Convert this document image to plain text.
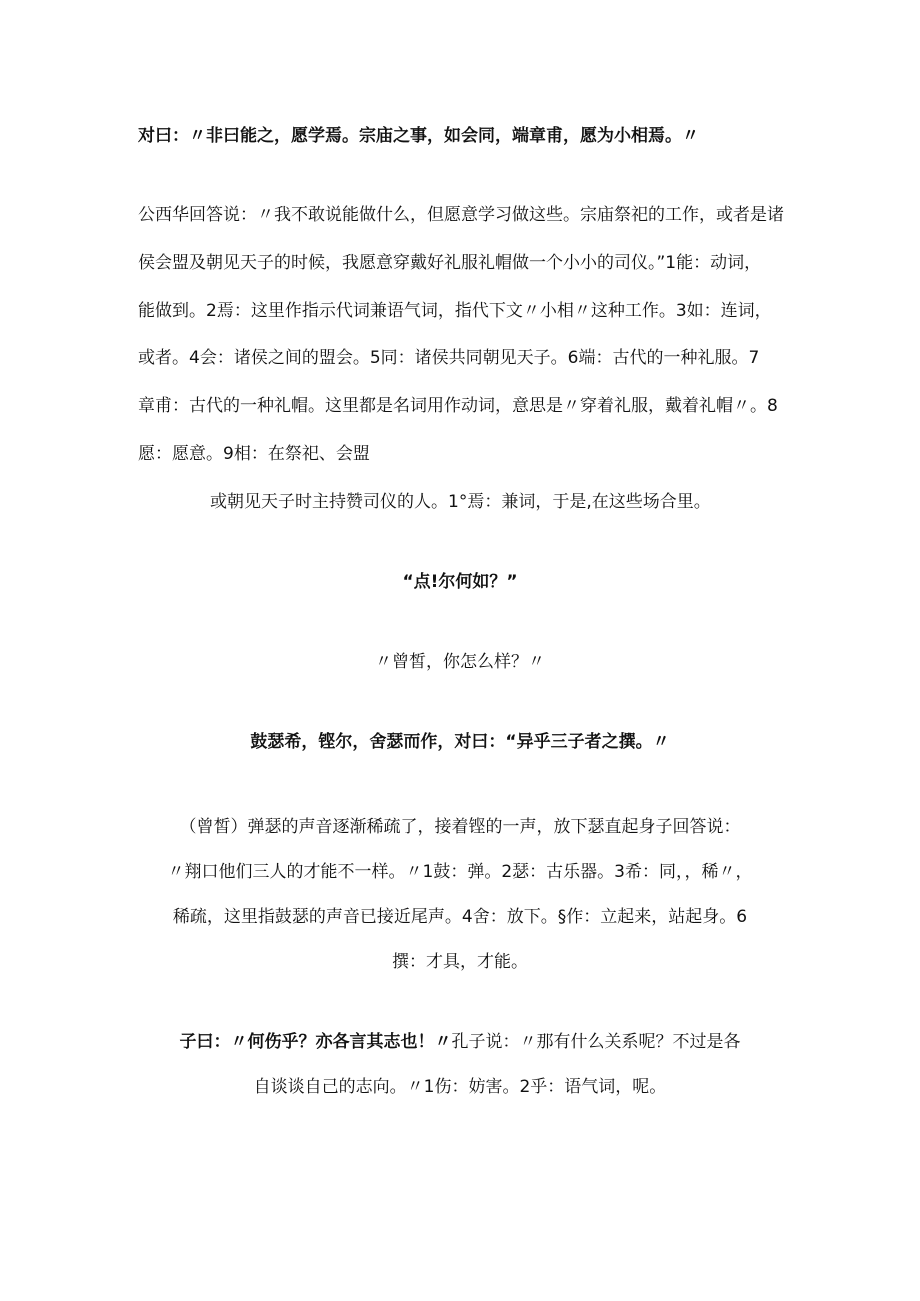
对曰：〃非曰能之，愿学焉。宗庙之事，如会同，端章甫，愿为小相焉。〃
公西华回答说：〃我不敢说能做什么，但愿意学习做这些。宗庙祭祀的工作，或者是诸
侯会盟及朝见天子的时候，我愿意穿戴好礼服礼帽做一个小小的司仪。”1能：动词，
能做到。2焉：这里作指示代词兼语气词，指代下文〃小相〃这种工作。3如：连词，
或者。4会：诸侯之间的盟会。5同：诸侯共同朝见天子。6端：古代的一种礼服。7
章甫：古代的一种礼帽。这里都是名词用作动词，意思是〃穿着礼服，戴着礼帽〃。8
愿：愿意。9相：在祭祀、会盟
或朝见天子时主持赞司仪的人。1°焉：兼词，于是,在这些场合里。
“点!尔何如？”
〃曾皙，你怎么样？〃
鼓瑟希，铿尔，舍瑟而作，对曰：“异乎三子者之撰。〃
（曾皙）弹瑟的声音逐渐稀疏了，接着铿的一声，放下瑟直起身子回答说：
〃翔口他们三人的才能不一样。〃1鼓：弹。2瑟：古乐器。3希：同，，稀〃，
稀疏，这里指鼓瑟的声音已接近尾声。4舍：放下。§作：立起来，站起身。6
撰：才具，才能。
子曰：〃何伤乎？亦各言其志也！〃孔子说：〃那有什么关系呢？不过是各
自谈谈自己的志向。〃1伤：妨害。2乎：语气词，呢。
